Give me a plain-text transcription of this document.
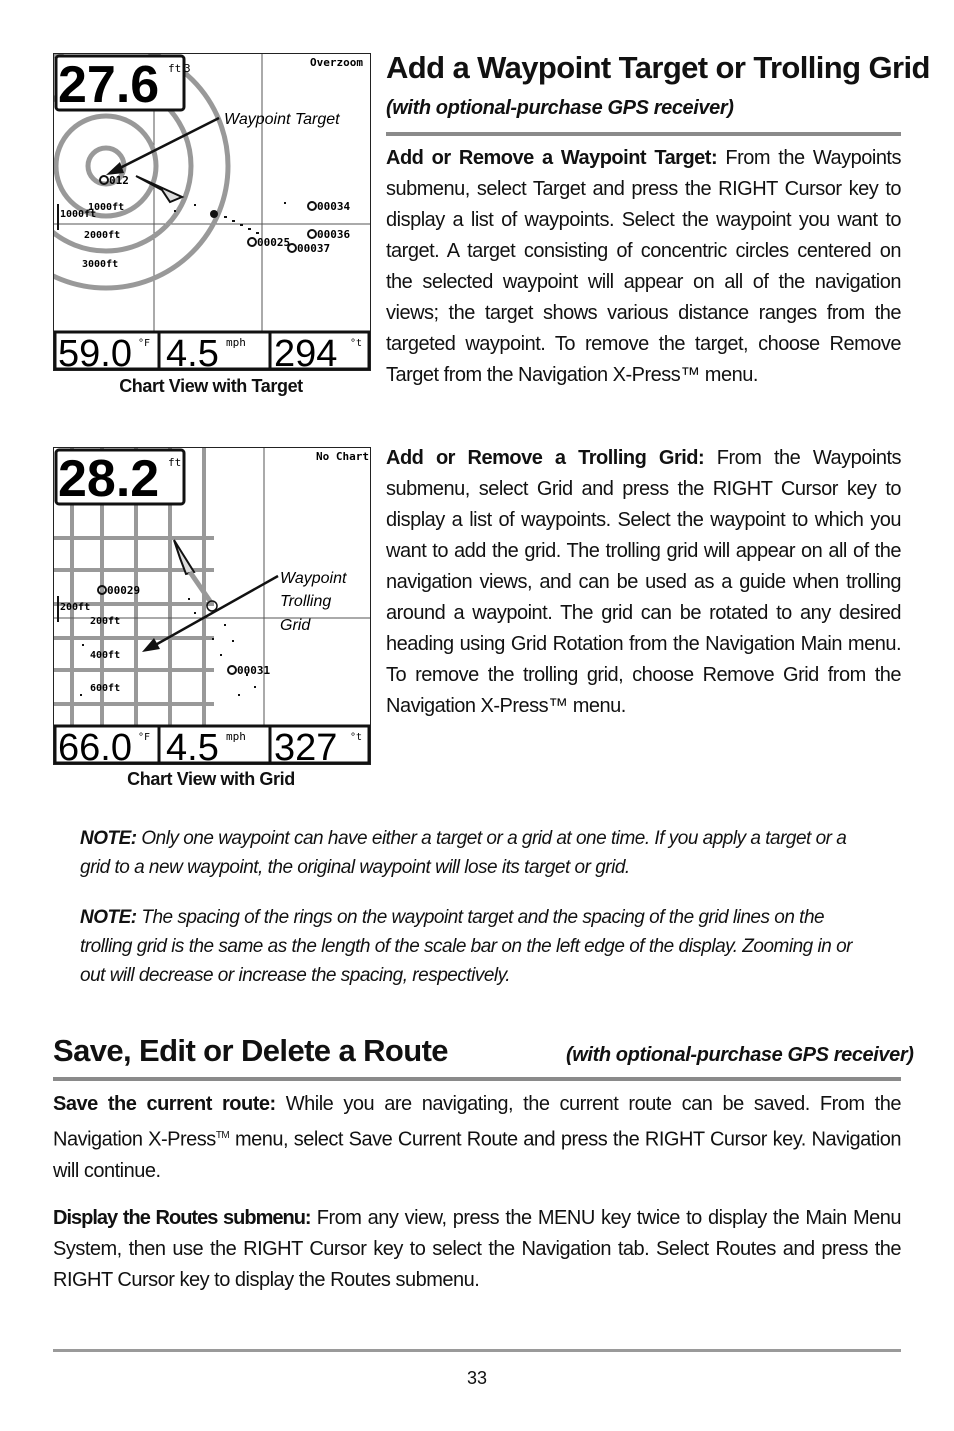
27.6 ft 3	Overzoom
Waypoint Target
012
00034
00036
00025 00037
1000ft
1000ft
2000ft
3000ft
59.0 °F 4.5 mph 294 °t
Chart View with Target
Add a Waypoint Target or Trolling Grid
(with optional-purchase GPS receiver)
Add or Remove a Waypoint Target: From the Waypoints submenu, select Target and press the RIGHT Cursor key to display a list of waypoints. Select the waypoint you want to target. A target consisting of concentric circles centered on the selected waypoint will appear on all of the navigation views; the target shows various distance ranges from the targeted waypoint. To remove the target, choose Remove Target from the Navigation X-Press™ menu.
28.2 ft	No Chart
Waypoint
Trolling
Grid
00029
00031
200ft
200ft
400ft
600ft
66.0 °F 4.5 mph 327 °t
Chart View with Grid
Add or Remove a Trolling Grid: From the Waypoints submenu, select Grid and press the RIGHT Cursor key to display a list of waypoints. Select the waypoint to which you want to add the grid. The trolling grid will appear on all of the navigation views, and can be used as a guide when trolling around a waypoint. The grid can be rotated to any desired heading using Grid Rotation from the Navigation Main menu. To remove the trolling grid, choose Remove Grid from the Navigation X-Press™ menu.
NOTE: Only one waypoint can have either a target or a grid at one time. If you apply a target or a grid to a new waypoint, the original waypoint will lose its target or grid.
NOTE: The spacing of the rings on the waypoint target and the spacing of the grid lines on the trolling grid is the same as the length of the scale bar on the left edge of the display. Zooming in or out will decrease or increase the spacing, respectively.
Save, Edit or Delete a Route	(with optional-purchase GPS receiver)
Save the current route: While you are navigating, the current route can be saved. From the Navigation X-Press™ menu, select Save Current Route and press the RIGHT Cursor key. Navigation will continue.
Display the Routes submenu: From any view, press the MENU key twice to display the Main Menu System, then use the RIGHT Cursor key to select the Navigation tab. Select Routes and press the RIGHT Cursor key to display the Routes submenu.
33
